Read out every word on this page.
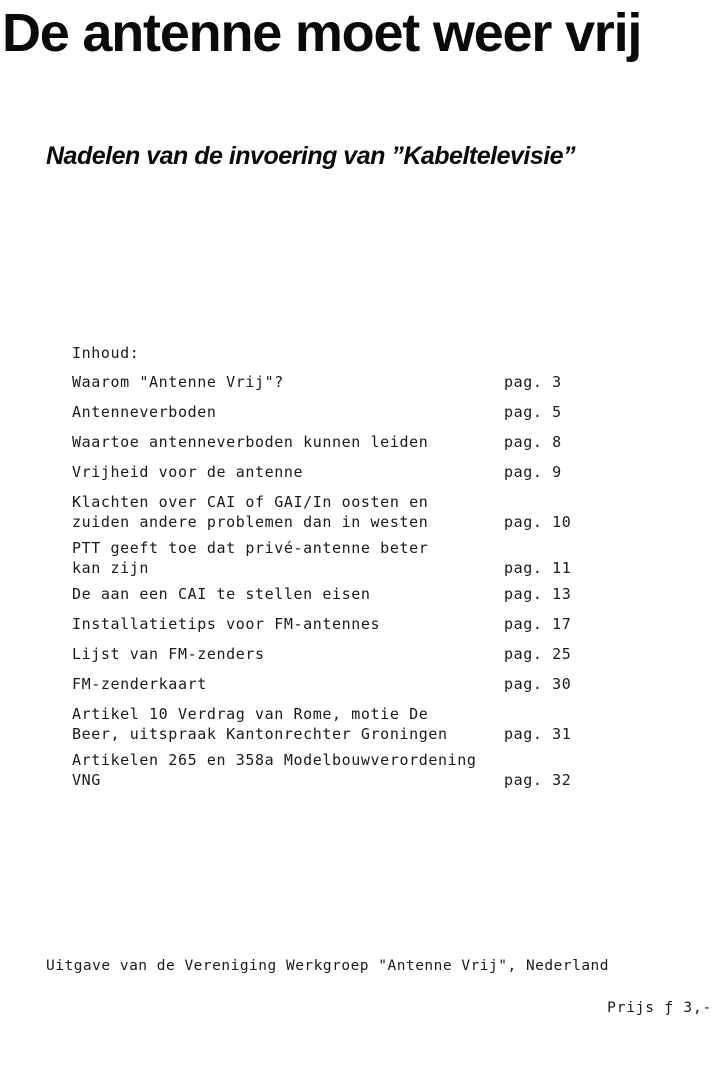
De antenne moet weer vrij
Nadelen van de invoering van ”Kabeltelevisie”
Inhoud:
Waarom "Antenne Vrij"?	pag. 3
Antenneverboden	pag. 5
Waartoe antenneverboden kunnen leiden	pag. 8
Vrijheid voor de antenne	pag. 9
Klachten over CAI of GAI/In oosten en
zuiden andere problemen dan in westen	pag. 10
PTT geeft toe dat privé-antenne beter
kan zijn	pag. 11
De aan een CAI te stellen eisen	pag. 13
Installatietips voor FM-antennes	pag. 17
Lijst van FM-zenders	pag. 25
FM-zenderkaart	pag. 30
Artikel 10 Verdrag van Rome, motie De
Beer, uitspraak Kantonrechter Groningen	pag. 31
Artikelen 265 en 358a Modelbouwverordening
VNG	pag. 32
Uitgave van de Vereniging Werkgroep "Antenne Vrij", Nederland
Prijs ƒ 3,-
